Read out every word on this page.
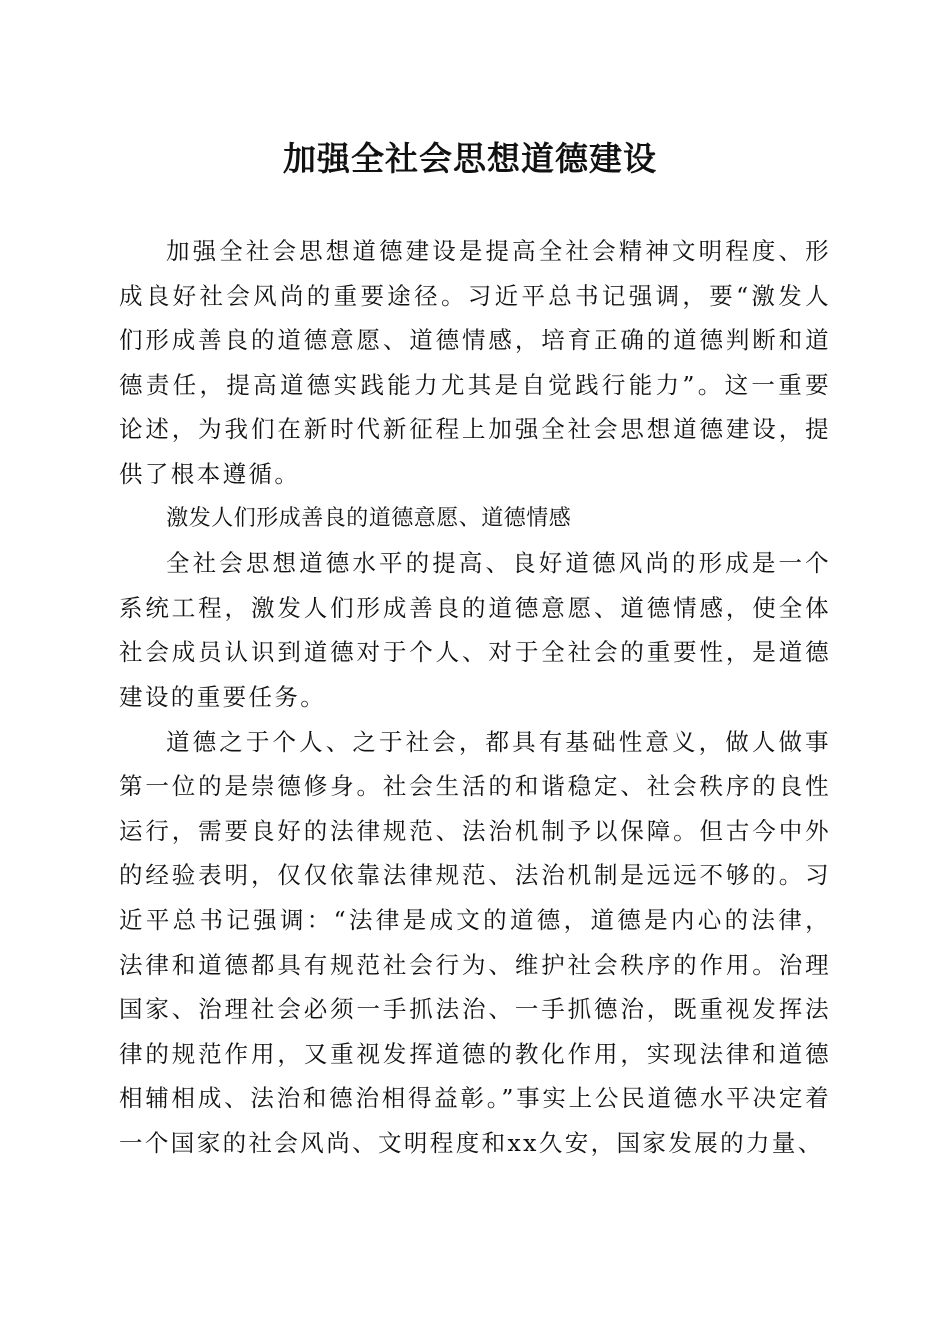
加强全社会思想道德建设

加强全社会思想道德建设是提高全社会精神文明程度、形成良好社会风尚的重要途径。习近平总书记强调，要“激发人们形成善良的道德意愿、道德情感，培育正确的道德判断和道德责任，提高道德实践能力尤其是自觉践行能力”。这一重要论述，为我们在新时代新征程上加强全社会思想道德建设，提供了根本遵循。

激发人们形成善良的道德意愿、道德情感

全社会思想道德水平的提高、良好道德风尚的形成是一个系统工程，激发人们形成善良的道德意愿、道德情感，使全体社会成员认识到道德对于个人、对于全社会的重要性，是道德建设的重要任务。

道德之于个人、之于社会，都具有基础性意义，做人做事第一位的是崇德修身。社会生活的和谐稳定、社会秩序的良性运行，需要良好的法律规范、法治机制予以保障。但古今中外的经验表明，仅仅依靠法律规范、法治机制是远远不够的。习近平总书记强调：“法律是成文的道德，道德是内心的法律，法律和道德都具有规范社会行为、维护社会秩序的作用。治理国家、治理社会必须一手抓法治、一手抓德治，既重视发挥法律的规范作用，又重视发挥道德的教化作用，实现法律和道德相辅相成、法治和德治相得益彰。”事实上公民道德水平决定着一个国家的社会风尚、文明程度和xx久安，国家发展的力量、
